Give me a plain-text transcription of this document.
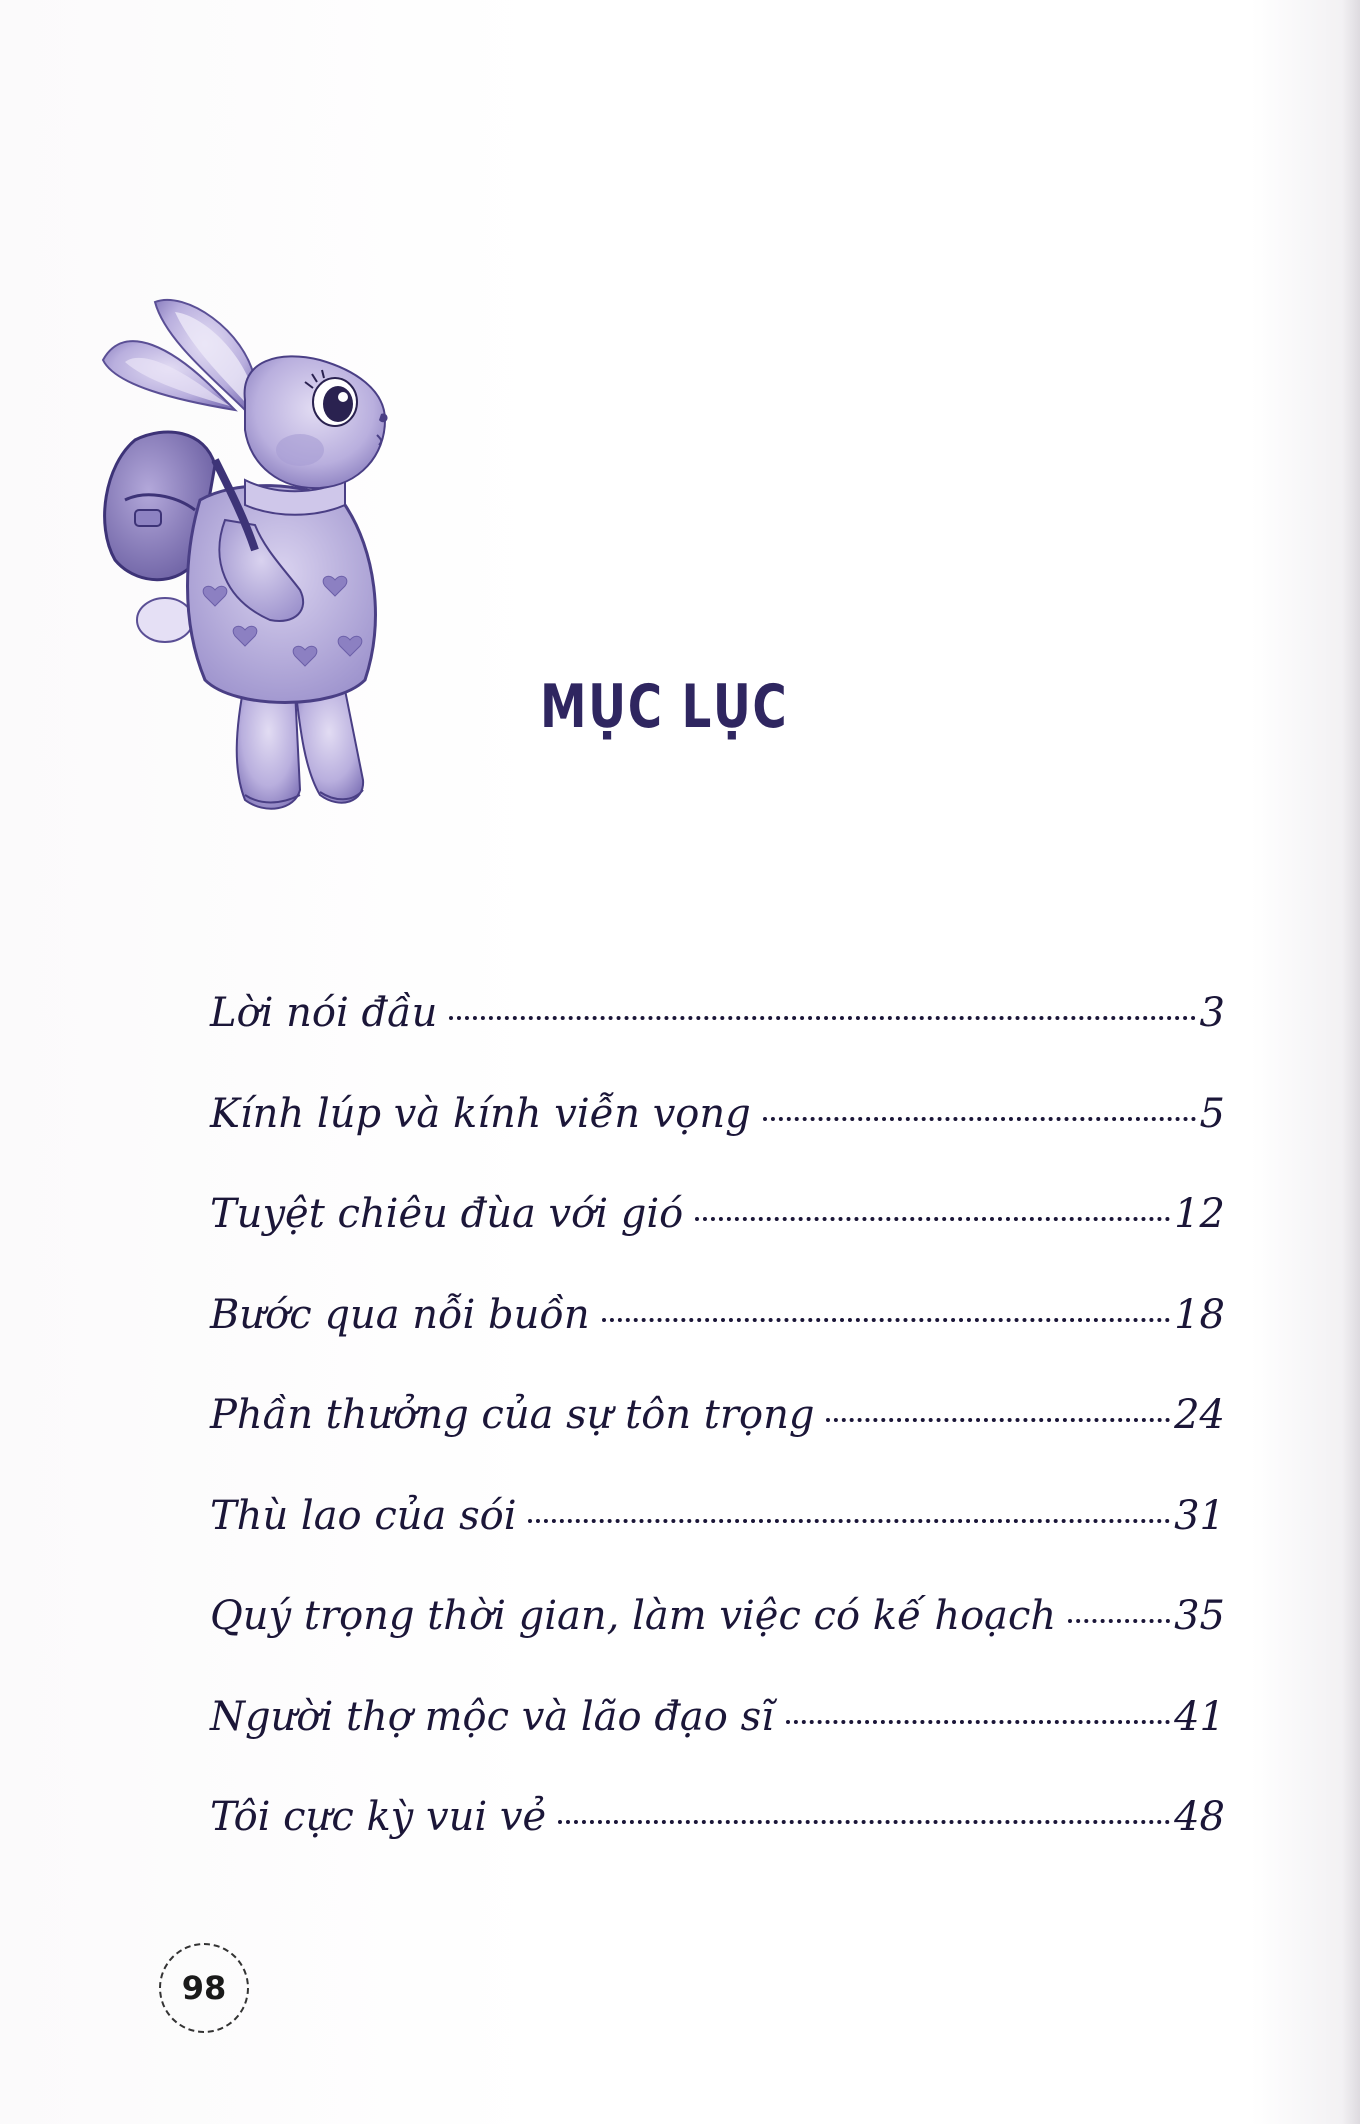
MỤC LỤC
Lời nói đầu	3
Kính lúp và kính viễn vọng	5
Tuyệt chiêu đùa với gió	12
Bước qua nỗi buồn	18
Phần thưởng của sự tôn trọng	24
Thù lao của sói	31
Quý trọng thời gian, làm việc có kế hoạch	35
Người thợ mộc và lão đạo sĩ	41
Tôi cực kỳ vui vẻ	48
98
